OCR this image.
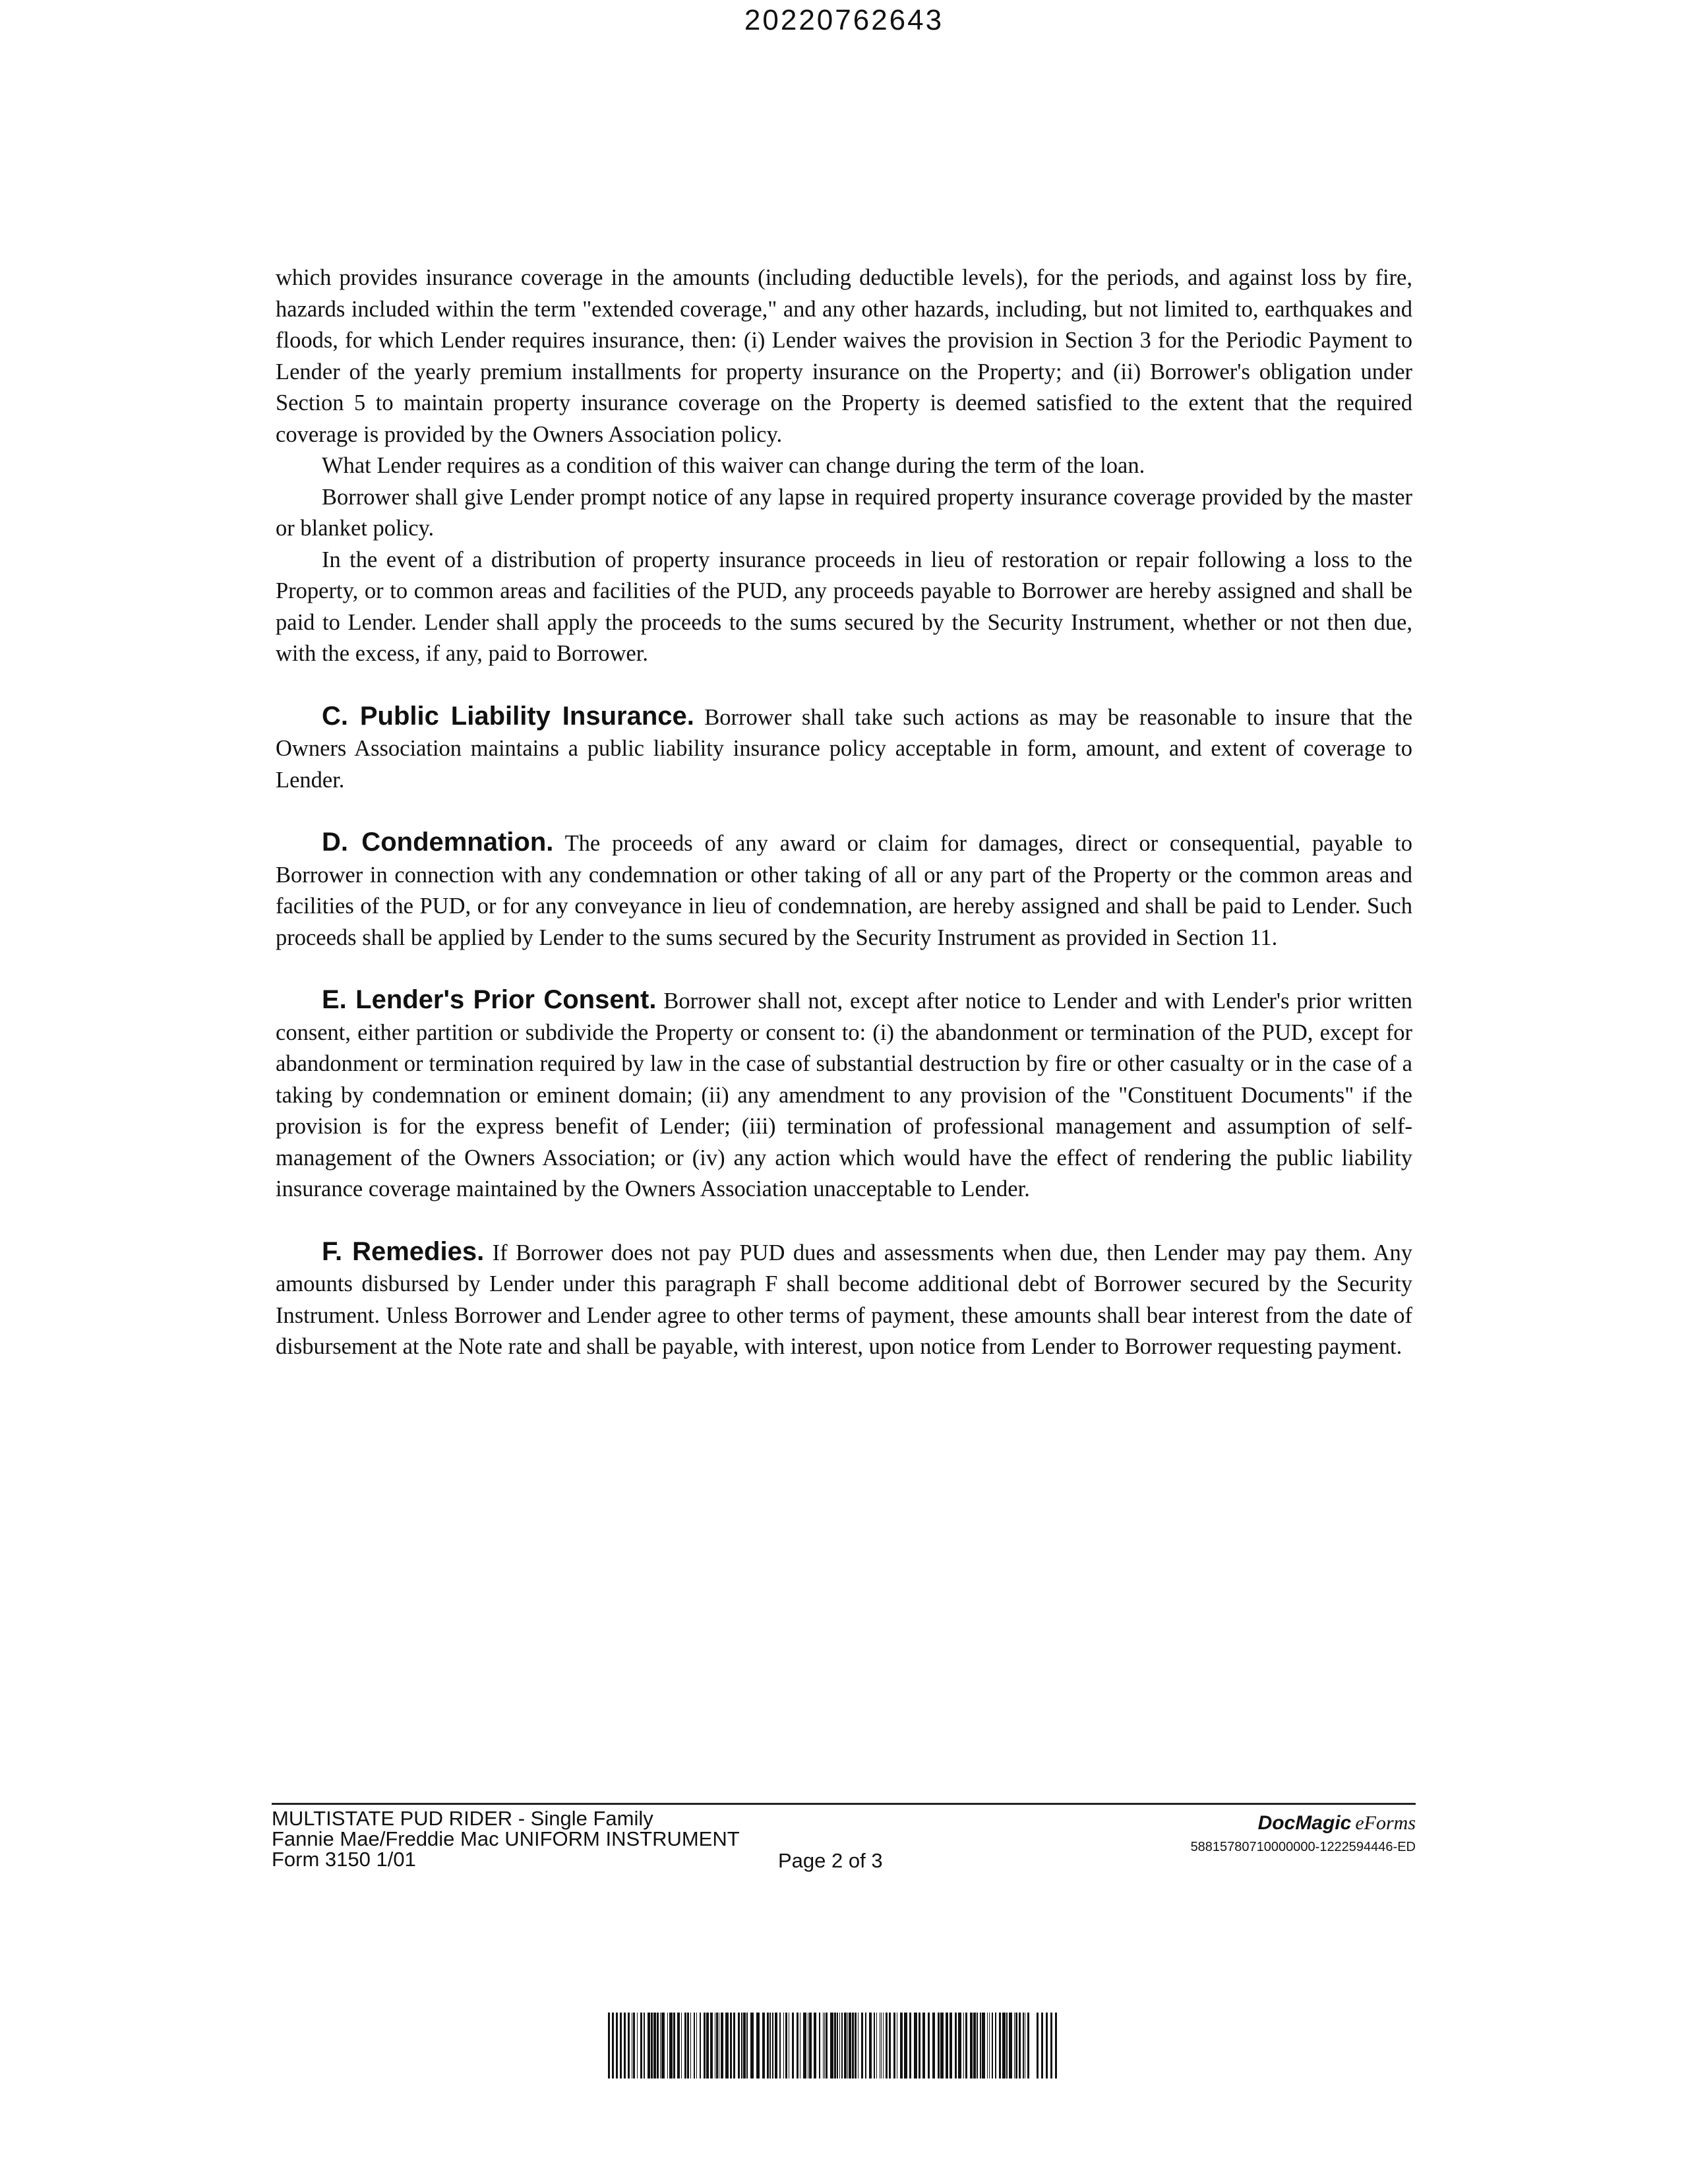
20220762643

which provides insurance coverage in the amounts (including deductible levels), for the periods, and against loss by fire, hazards included within the term "extended coverage," and any other hazards, including, but not limited to, earthquakes and floods, for which Lender requires insurance, then: (i) Lender waives the provision in Section 3 for the Periodic Payment to Lender of the yearly premium installments for property insurance on the Property; and (ii) Borrower's obligation under Section 5 to maintain property insurance coverage on the Property is deemed satisfied to the extent that the required coverage is provided by the Owners Association policy.

What Lender requires as a condition of this waiver can change during the term of the loan.

Borrower shall give Lender prompt notice of any lapse in required property insurance coverage provided by the master or blanket policy.

In the event of a distribution of property insurance proceeds in lieu of restoration or repair following a loss to the Property, or to common areas and facilities of the PUD, any proceeds payable to Borrower are hereby assigned and shall be paid to Lender. Lender shall apply the proceeds to the sums secured by the Security Instrument, whether or not then due, with the excess, if any, paid to Borrower.

C. Public Liability Insurance. Borrower shall take such actions as may be reasonable to insure that the Owners Association maintains a public liability insurance policy acceptable in form, amount, and extent of coverage to Lender.

D. Condemnation. The proceeds of any award or claim for damages, direct or consequential, payable to Borrower in connection with any condemnation or other taking of all or any part of the Property or the common areas and facilities of the PUD, or for any conveyance in lieu of condemnation, are hereby assigned and shall be paid to Lender. Such proceeds shall be applied by Lender to the sums secured by the Security Instrument as provided in Section 11.

E. Lender's Prior Consent. Borrower shall not, except after notice to Lender and with Lender's prior written consent, either partition or subdivide the Property or consent to: (i) the abandonment or termination of the PUD, except for abandonment or termination required by law in the case of substantial destruction by fire or other casualty or in the case of a taking by condemnation or eminent domain; (ii) any amendment to any provision of the "Constituent Documents" if the provision is for the express benefit of Lender; (iii) termination of professional management and assumption of self-management of the Owners Association; or (iv) any action which would have the effect of rendering the public liability insurance coverage maintained by the Owners Association unacceptable to Lender.

F. Remedies. If Borrower does not pay PUD dues and assessments when due, then Lender may pay them. Any amounts disbursed by Lender under this paragraph F shall become additional debt of Borrower secured by the Security Instrument. Unless Borrower and Lender agree to other terms of payment, these amounts shall bear interest from the date of disbursement at the Note rate and shall be payable, with interest, upon notice from Lender to Borrower requesting payment.

MULTISTATE PUD RIDER - Single Family
Fannie Mae/Freddie Mac UNIFORM INSTRUMENT
Form 3150 1/01	Page 2 of 3
DocMagic eForms
58815780710000000-1222594446-ED
